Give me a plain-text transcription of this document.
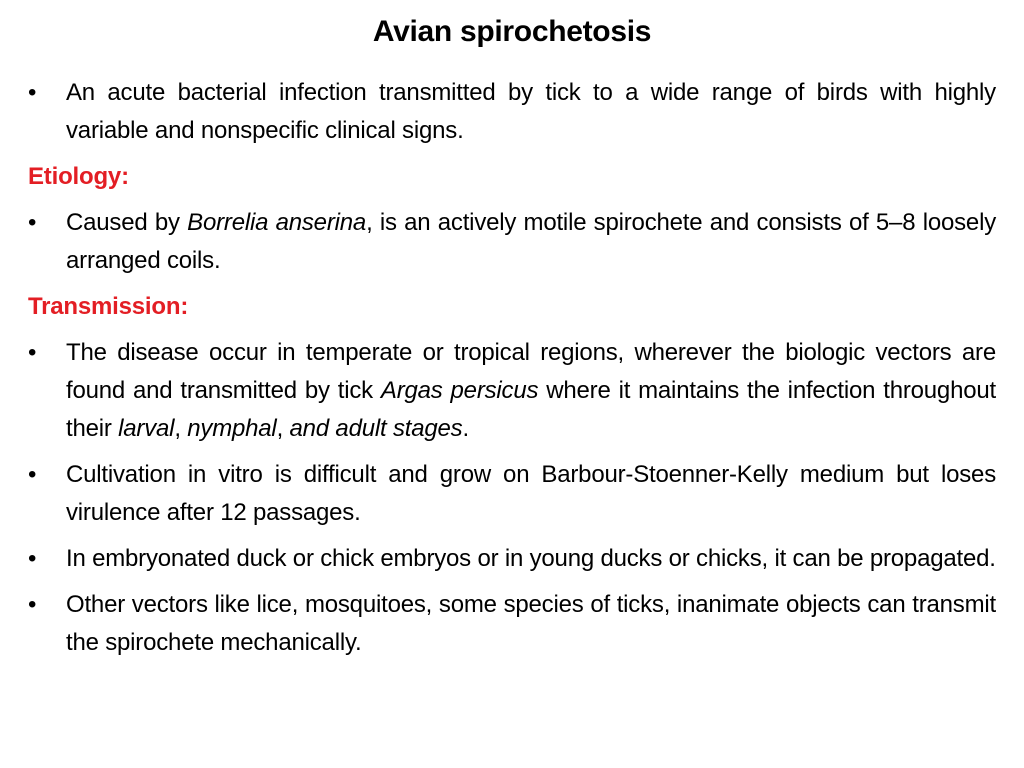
Avian spirochetosis
•	An acute bacterial infection transmitted by tick to a wide range of birds with highly variable and nonspecific clinical signs.
Etiology:
•	Caused by Borrelia anserina, is an actively motile spirochete and consists of 5–8 loosely arranged coils.
Transmission:
•	The disease occur in temperate or tropical regions, wherever the biologic vectors are found and transmitted by tick Argas persicus where it maintains the infection throughout their larval, nymphal, and adult stages.
•	Cultivation in vitro is difficult and grow on Barbour-Stoenner-Kelly medium but loses virulence after 12 passages.
•	In embryonated duck or chick embryos or in young ducks or chicks, it can be propagated.
•	Other vectors like lice, mosquitoes, some species of ticks, inanimate objects can transmit the spirochete mechanically.
